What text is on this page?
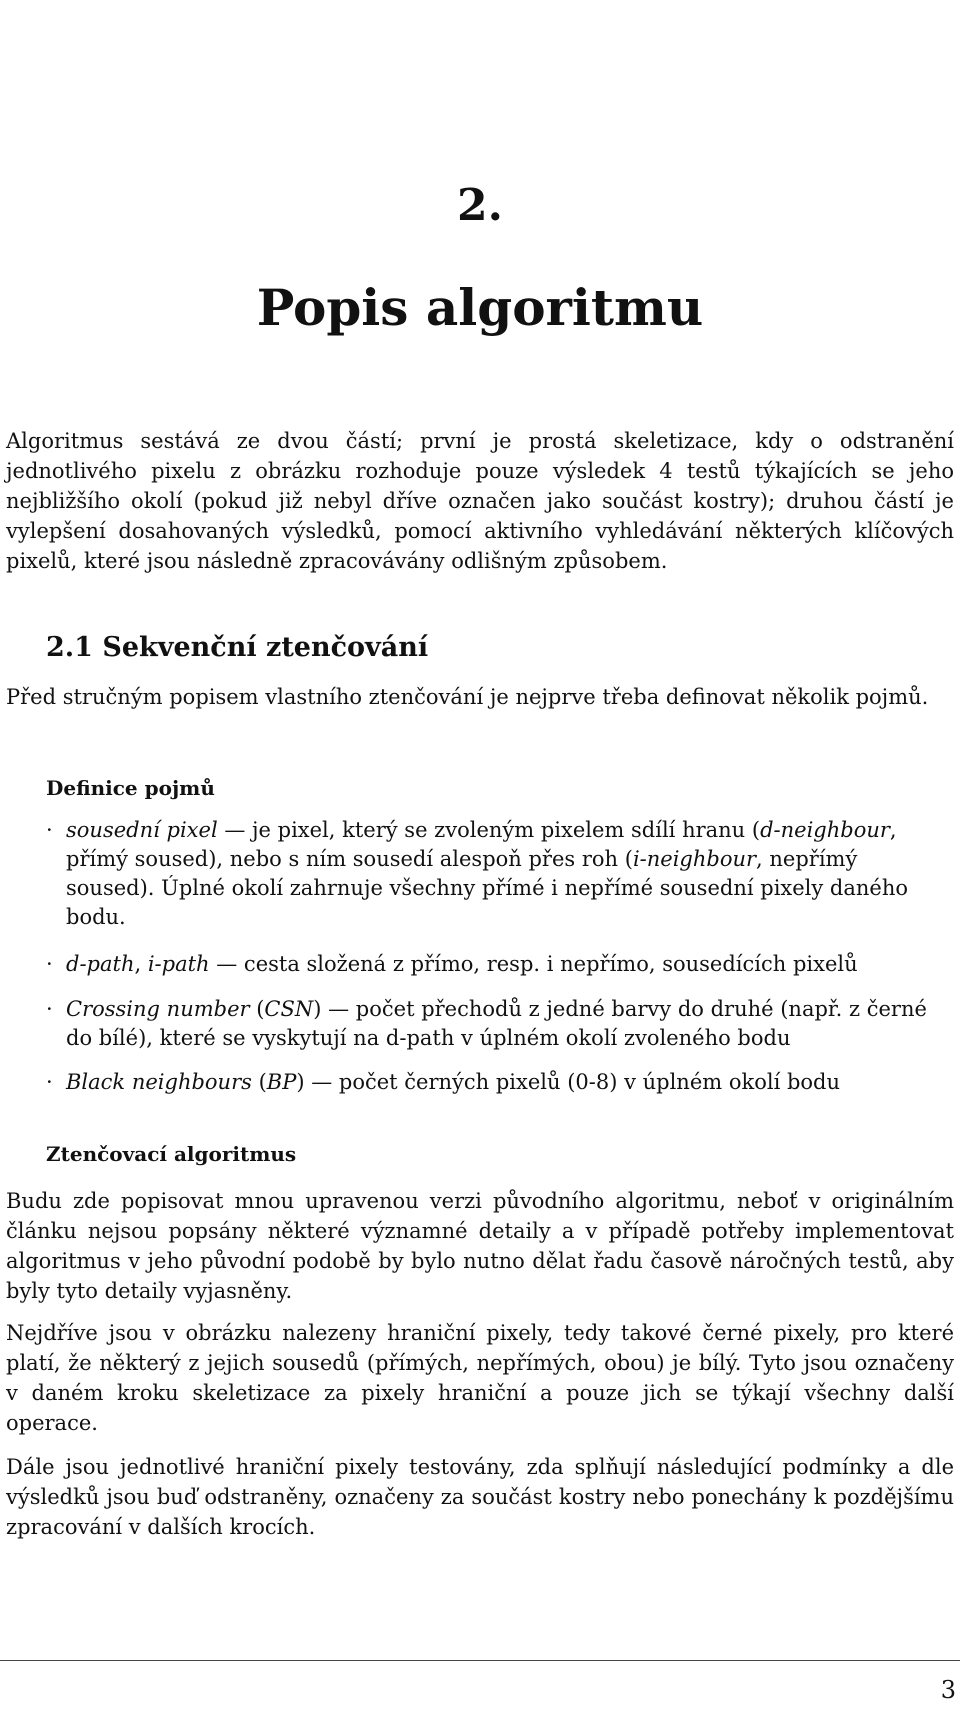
2.
Popis algoritmu

Algoritmus sestává ze dvou částí; první je prostá skeletizace, kdy o odstranění jednotlivého pixelu z obrázku rozhoduje pouze výsledek 4 testů týkajících se jeho nejbližšího okolí (pokud již nebyl dříve označen jako součást kostry); druhou částí je vylepšení dosahovaných výsledků, pomocí aktivního vyhledávání některých klíčových pixelů, které jsou následně zpracovávány odlišným způsobem.

2.1 Sekvenční ztenčování

Před stručným popisem vlastního ztenčování je nejprve třeba definovat několik pojmů.

Definice pojmů
· sousední pixel — je pixel, který se zvoleným pixelem sdílí hranu (d-neighbour, přímý soused), nebo s ním sousedí alespoň přes roh (i-neighbour, nepřímý soused). Úplné okolí zahrnuje všechny přímé i nepřímé sousední pixely daného bodu.
· d-path, i-path — cesta složená z přímo, resp. i nepřímo, sousedících pixelů
· Crossing number (CSN) — počet přechodů z jedné barvy do druhé (např. z černé do bílé), které se vyskytují na d-path v úplném okolí zvoleného bodu
· Black neighbours (BP) — počet černých pixelů (0-8) v úplném okolí bodu
Ztenčovací algoritmus

Budu zde popisovat mnou upravenou verzi původního algoritmu, neboť v originálním článku nejsou popsány některé významné detaily a v případě potřeby implementovat algoritmus v jeho původní podobě by bylo nutno dělat řadu časově náročných testů, aby byly tyto detaily vyjasněny.

Nejdříve jsou v obrázku nalezeny hraniční pixely, tedy takové černé pixely, pro které platí, že některý z jejich sousedů (přímých, nepřímých, obou) je bílý. Tyto jsou označeny v daném kroku skeletizace za pixely hraniční a pouze jich se týkají všechny další operace.

Dále jsou jednotlivé hraniční pixely testovány, zda splňují následující podmínky a dle výsledků jsou buď odstraněny, označeny za součást kostry nebo ponechány k pozdějšímu zpracování v dalších krocích.

3
